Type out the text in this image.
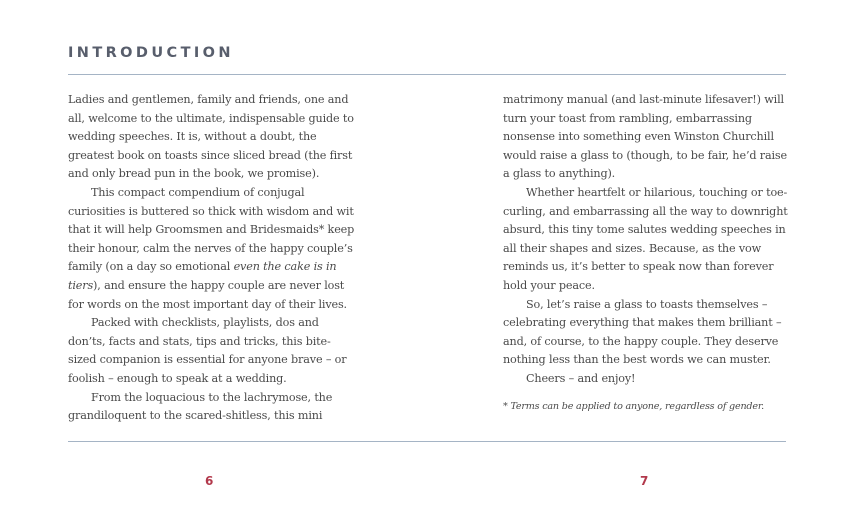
INTRODUCTION

Ladies and gentlemen, family and friends, one and all, welcome to the ultimate, indispensable guide to wedding speeches. It is, without a doubt, the greatest book on toasts since sliced bread (the first and only bread pun in the book, we promise).

This compact compendium of conjugal curiosities is buttered so thick with wisdom and wit that it will help Groomsmen and Bridesmaids* keep their honour, calm the nerves of the happy couple’s family (on a day so emotional even the cake is in tiers), and ensure the happy couple are never lost for words on the most important day of their lives.

Packed with checklists, playlists, dos and don’ts, facts and stats, tips and tricks, this bite-sized companion is essential for anyone brave – or foolish – enough to speak at a wedding.

From the loquacious to the lachrymose, the grandiloquent to the scared-shitless, this mini

matrimony manual (and last-minute lifesaver!) will turn your toast from rambling, embarrassing nonsense into something even Winston Churchill would raise a glass to (though, to be fair, he’d raise a glass to anything).

Whether heartfelt or hilarious, touching or toe-curling, and embarrassing all the way to downright absurd, this tiny tome salutes wedding speeches in all their shapes and sizes. Because, as the vow reminds us, it’s better to speak now than forever hold your peace.

So, let’s raise a glass to toasts themselves – celebrating everything that makes them brilliant – and, of course, to the happy couple. They deserve nothing less than the best words we can muster.

Cheers – and enjoy!

* Terms can be applied to anyone, regardless of gender.

6	7
